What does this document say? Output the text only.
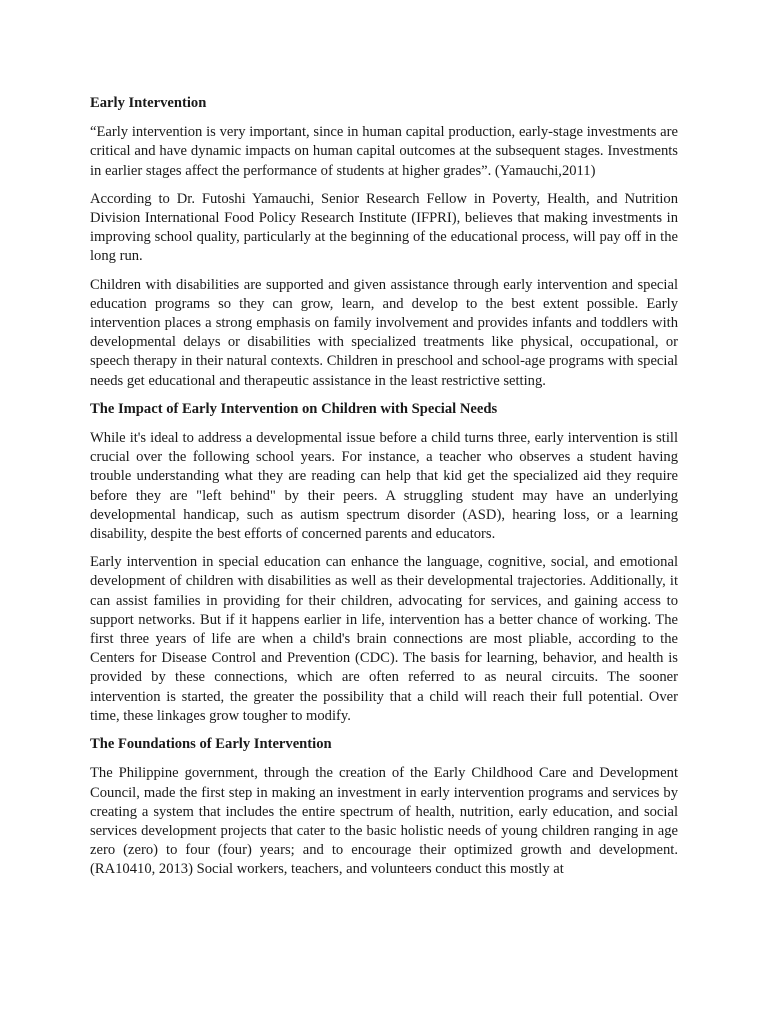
Early Intervention

“Early intervention is very important, since in human capital production, early-stage investments are critical and have dynamic impacts on human capital outcomes at the subsequent stages. Investments in earlier stages affect the performance of students at higher grades”. (Yamauchi,2011)

According to Dr. Futoshi Yamauchi, Senior Research Fellow in Poverty, Health, and Nutrition Division International Food Policy Research Institute (IFPRI), believes that making investments in improving school quality, particularly at the beginning of the educational process, will pay off in the long run.

Children with disabilities are supported and given assistance through early intervention and special education programs so they can grow, learn, and develop to the best extent possible. Early intervention places a strong emphasis on family involvement and provides infants and toddlers with developmental delays or disabilities with specialized treatments like physical, occupational, or speech therapy in their natural contexts. Children in preschool and school-age programs with special needs get educational and therapeutic assistance in the least restrictive setting.

The Impact of Early Intervention on Children with Special Needs

While it's ideal to address a developmental issue before a child turns three, early intervention is still crucial over the following school years. For instance, a teacher who observes a student having trouble understanding what they are reading can help that kid get the specialized aid they require before they are "left behind" by their peers. A struggling student may have an underlying developmental handicap, such as autism spectrum disorder (ASD), hearing loss, or a learning disability, despite the best efforts of concerned parents and educators.

Early intervention in special education can enhance the language, cognitive, social, and emotional development of children with disabilities as well as their developmental trajectories. Additionally, it can assist families in providing for their children, advocating for services, and gaining access to support networks. But if it happens earlier in life, intervention has a better chance of working. The first three years of life are when a child's brain connections are most pliable, according to the Centers for Disease Control and Prevention (CDC). The basis for learning, behavior, and health is provided by these connections, which are often referred to as neural circuits. The sooner intervention is started, the greater the possibility that a child will reach their full potential. Over time, these linkages grow tougher to modify.

The Foundations of Early Intervention

The Philippine government, through the creation of the Early Childhood Care and Development Council, made the first step in making an investment in early intervention programs and services by creating a system that includes the entire spectrum of health, nutrition, early education, and social services development projects that cater to the basic holistic needs of young children ranging in age zero (zero) to four (four) years; and to encourage their optimized growth and development. (RA10410, 2013) Social workers, teachers, and volunteers conduct this mostly at
